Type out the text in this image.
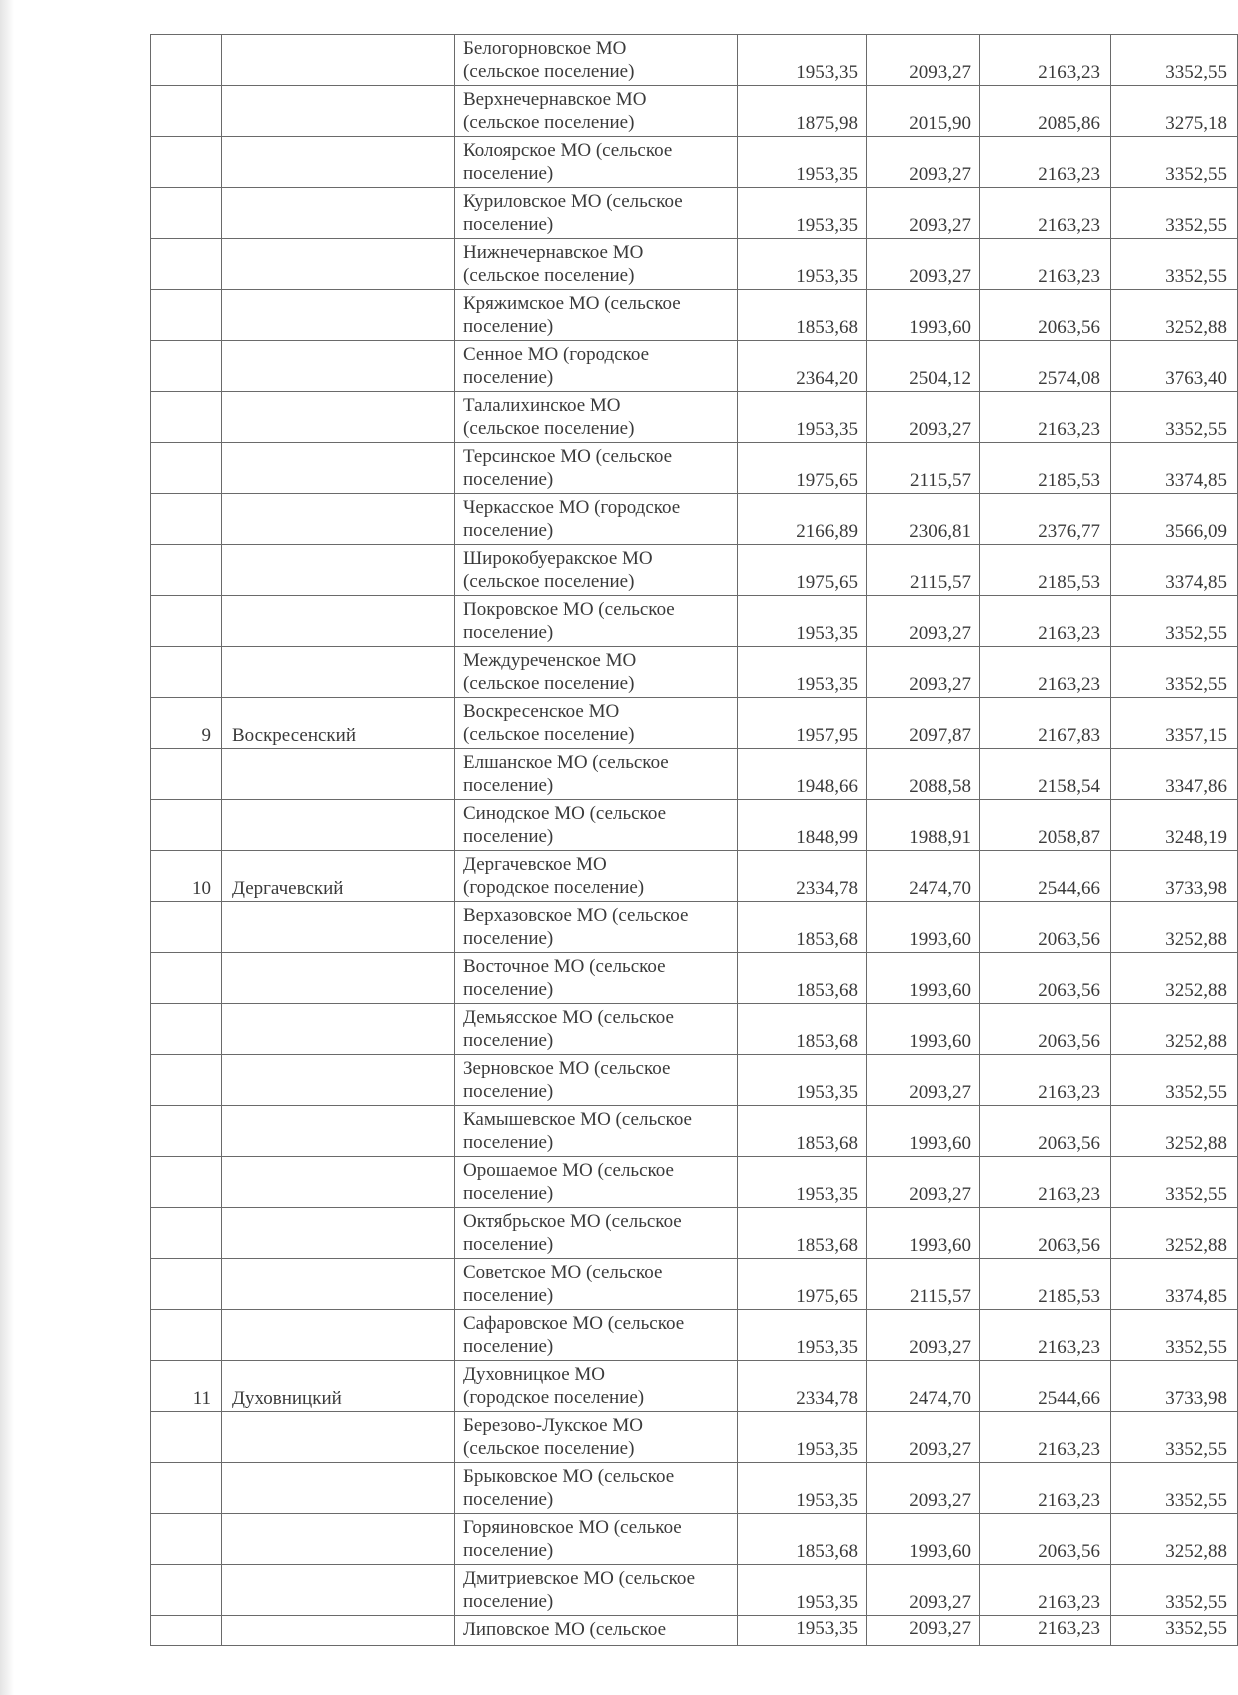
		Белогорновское МО
(сельское поселение)	1953,35	2093,27	2163,23	3352,55

		Верхнечернавское МО
(сельское поселение)	1875,98	2015,90	2085,86	3275,18

		Колоярское МО (сельское
поселение)	1953,35	2093,27	2163,23	3352,55

		Куриловское МО (сельское
поселение)	1953,35	2093,27	2163,23	3352,55

		Нижнечернавское МО
(сельское поселение)	1953,35	2093,27	2163,23	3352,55

		Кряжимское МО (сельское
поселение)	1853,68	1993,60	2063,56	3252,88

		Сенное МО (городское
поселение)	2364,20	2504,12	2574,08	3763,40

		Талалихинское МО
(сельское поселение)	1953,35	2093,27	2163,23	3352,55

		Терсинское МО (сельское
поселение)	1975,65	2115,57	2185,53	3374,85

		Черкасское МО (городское
поселение)	2166,89	2306,81	2376,77	3566,09

		Широкобуеракское МО
(сельское поселение)	1975,65	2115,57	2185,53	3374,85

		Покровское МО (сельское
поселение)	1953,35	2093,27	2163,23	3352,55

		Междуреченское МО
(сельское поселение)	1953,35	2093,27	2163,23	3352,55
9	Воскресенский	Воскресенское МО
(сельское поселение)	1957,95	2097,87	2167,83	3357,15

		Елшанское МО (сельское
поселение)	1948,66	2088,58	2158,54	3347,86

		Синодское МО (сельское
поселение)	1848,99	1988,91	2058,87	3248,19
10	Дергачевский	Дергачевское МО
(городское поселение)	2334,78	2474,70	2544,66	3733,98

		Верхазовское МО (сельское
поселение)	1853,68	1993,60	2063,56	3252,88

		Восточное МО (сельское
поселение)	1853,68	1993,60	2063,56	3252,88

		Демьясское МО (сельское
поселение)	1853,68	1993,60	2063,56	3252,88

		Зерновское МО (сельское
поселение)	1953,35	2093,27	2163,23	3352,55

		Камышевское МО (сельское
поселение)	1853,68	1993,60	2063,56	3252,88

		Орошаемое МО (сельское
поселение)	1953,35	2093,27	2163,23	3352,55

		Октябрьское МО (сельское
поселение)	1853,68	1993,60	2063,56	3252,88

		Советское МО (сельское
поселение)	1975,65	2115,57	2185,53	3374,85

		Сафаровское МО (сельское
поселение)	1953,35	2093,27	2163,23	3352,55
11	Духовницкий	Духовницкое МО
(городское поселение)	2334,78	2474,70	2544,66	3733,98

		Березово-Лукское МО
(сельское поселение)	1953,35	2093,27	2163,23	3352,55

		Брыковское МО (сельское
поселение)	1953,35	2093,27	2163,23	3352,55

		Горяиновское МО (селькое
поселение)	1853,68	1993,60	2063,56	3252,88

		Дмитриевское МО (сельское
поселение)	1953,35	2093,27	2163,23	3352,55

		Липовское МО (сельское	1953,35	2093,27	2163,23	3352,55
